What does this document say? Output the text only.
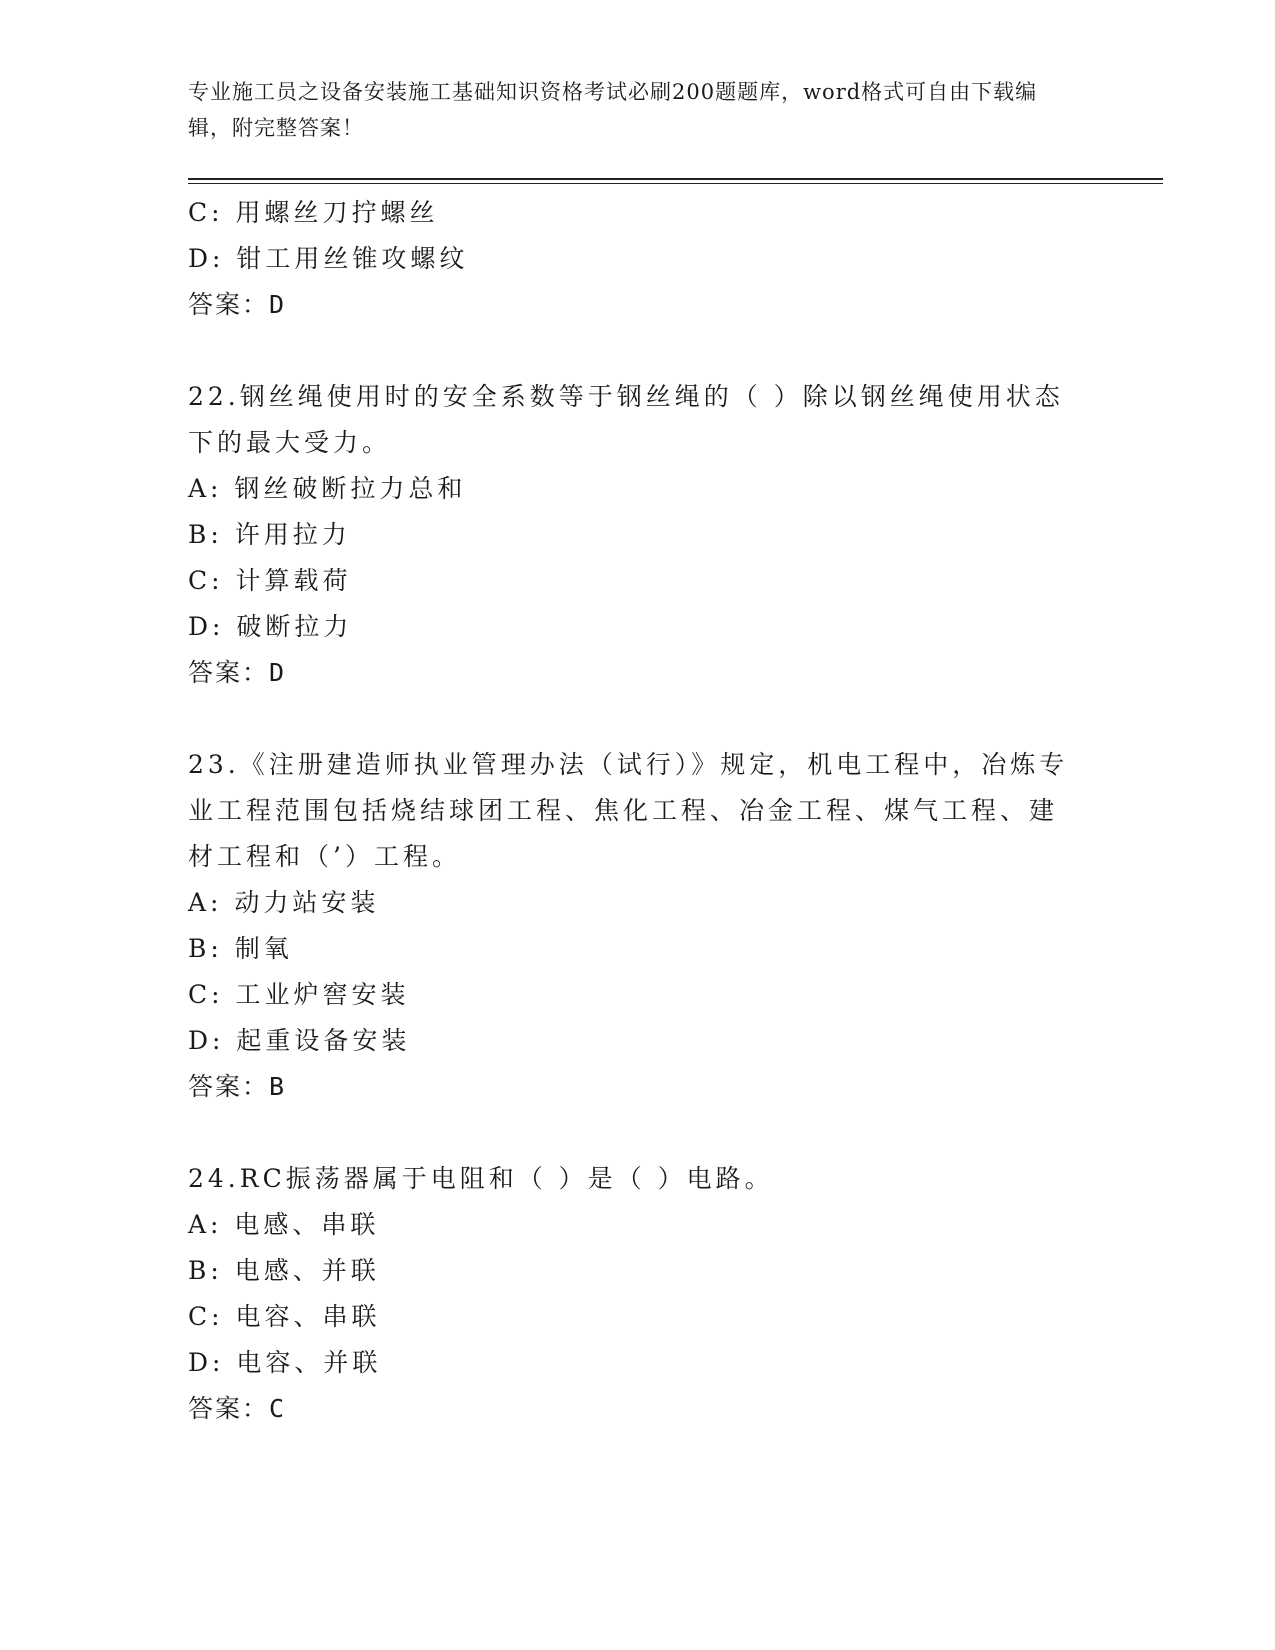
专业施工员之设备安装施工基础知识资格考试必刷200题题库，word格式可自由下载编辑，附完整答案！
C: 用螺丝刀拧螺丝
D: 钳工用丝锥攻螺纹
答案：D
22.钢丝绳使用时的安全系数等于钢丝绳的（ ）除以钢丝绳使用状态
下的最大受力。
A: 钢丝破断拉力总和
B: 许用拉力
C: 计算载荷
D: 破断拉力
答案：D
23.《注册建造师执业管理办法（试行）》规定，机电工程中，冶炼专
业工程范围包括烧结球团工程、焦化工程、冶金工程、煤气工程、建
材工程和（’）工程。
A: 动力站安装
B: 制氧
C: 工业炉窖安装
D: 起重设备安装
答案：B
24.RC振荡器属于电阻和（ ）是（ ）电路。
A: 电感、串联
B: 电感、并联
C: 电容、串联
D: 电容、并联
答案：C
